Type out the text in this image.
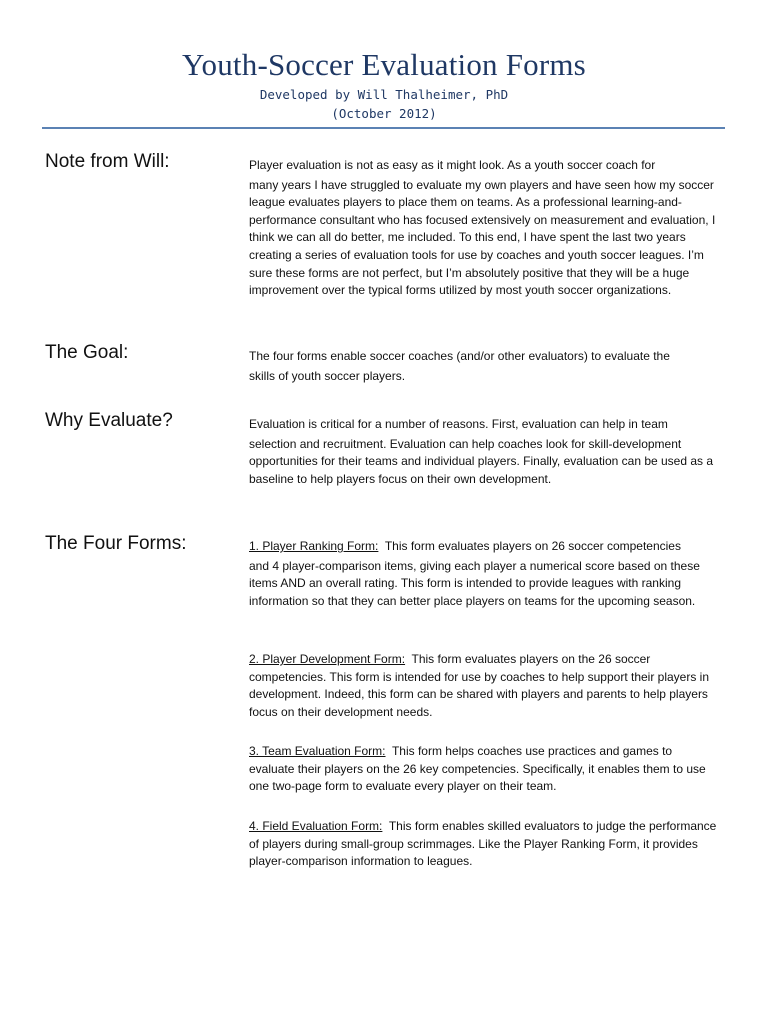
Youth-Soccer Evaluation Forms
Developed by Will Thalheimer, PhD
(October 2012)
Note from Will:	Player evaluation is not as easy as it might look. As a youth soccer coach for
many years I have struggled to evaluate my own players and have seen how my soccer league evaluates players to place them on teams. As a professional learning-and-performance consultant who has focused extensively on measurement and evaluation, I think we can all do better, me included. To this end, I have spent the last two years creating a series of evaluation tools for use by coaches and youth soccer leagues. I’m sure these forms are not perfect, but I’m absolutely positive that they will be a huge improvement over the typical forms utilized by most youth soccer organizations.

The Goal:	The four forms enable soccer coaches (and/or other evaluators) to evaluate the
skills of youth soccer players.

Why Evaluate?	Evaluation is critical for a number of reasons. First, evaluation can help in team
selection and recruitment. Evaluation can help coaches look for skill-development opportunities for their teams and individual players. Finally, evaluation can be used as a baseline to help players focus on their own development.

The Four Forms:	1. Player Ranking Form:  This form evaluates players on 26 soccer competencies
and 4 player-comparison items, giving each player a numerical score based on these items AND an overall rating. This form is intended to provide leagues with ranking information so that they can better place players on teams for the upcoming season.

2. Player Development Form:  This form evaluates players on the 26 soccer competencies. This form is intended for use by coaches to help support their players in development. Indeed, this form can be shared with players and parents to help players focus on their development needs.

3. Team Evaluation Form:  This form helps coaches use practices and games to evaluate their players on the 26 key competencies. Specifically, it enables them to use one two-page form to evaluate every player on their team.

4. Field Evaluation Form:  This form enables skilled evaluators to judge the performance of players during small-group scrimmages. Like the Player Ranking Form, it provides player-comparison information to leagues.
